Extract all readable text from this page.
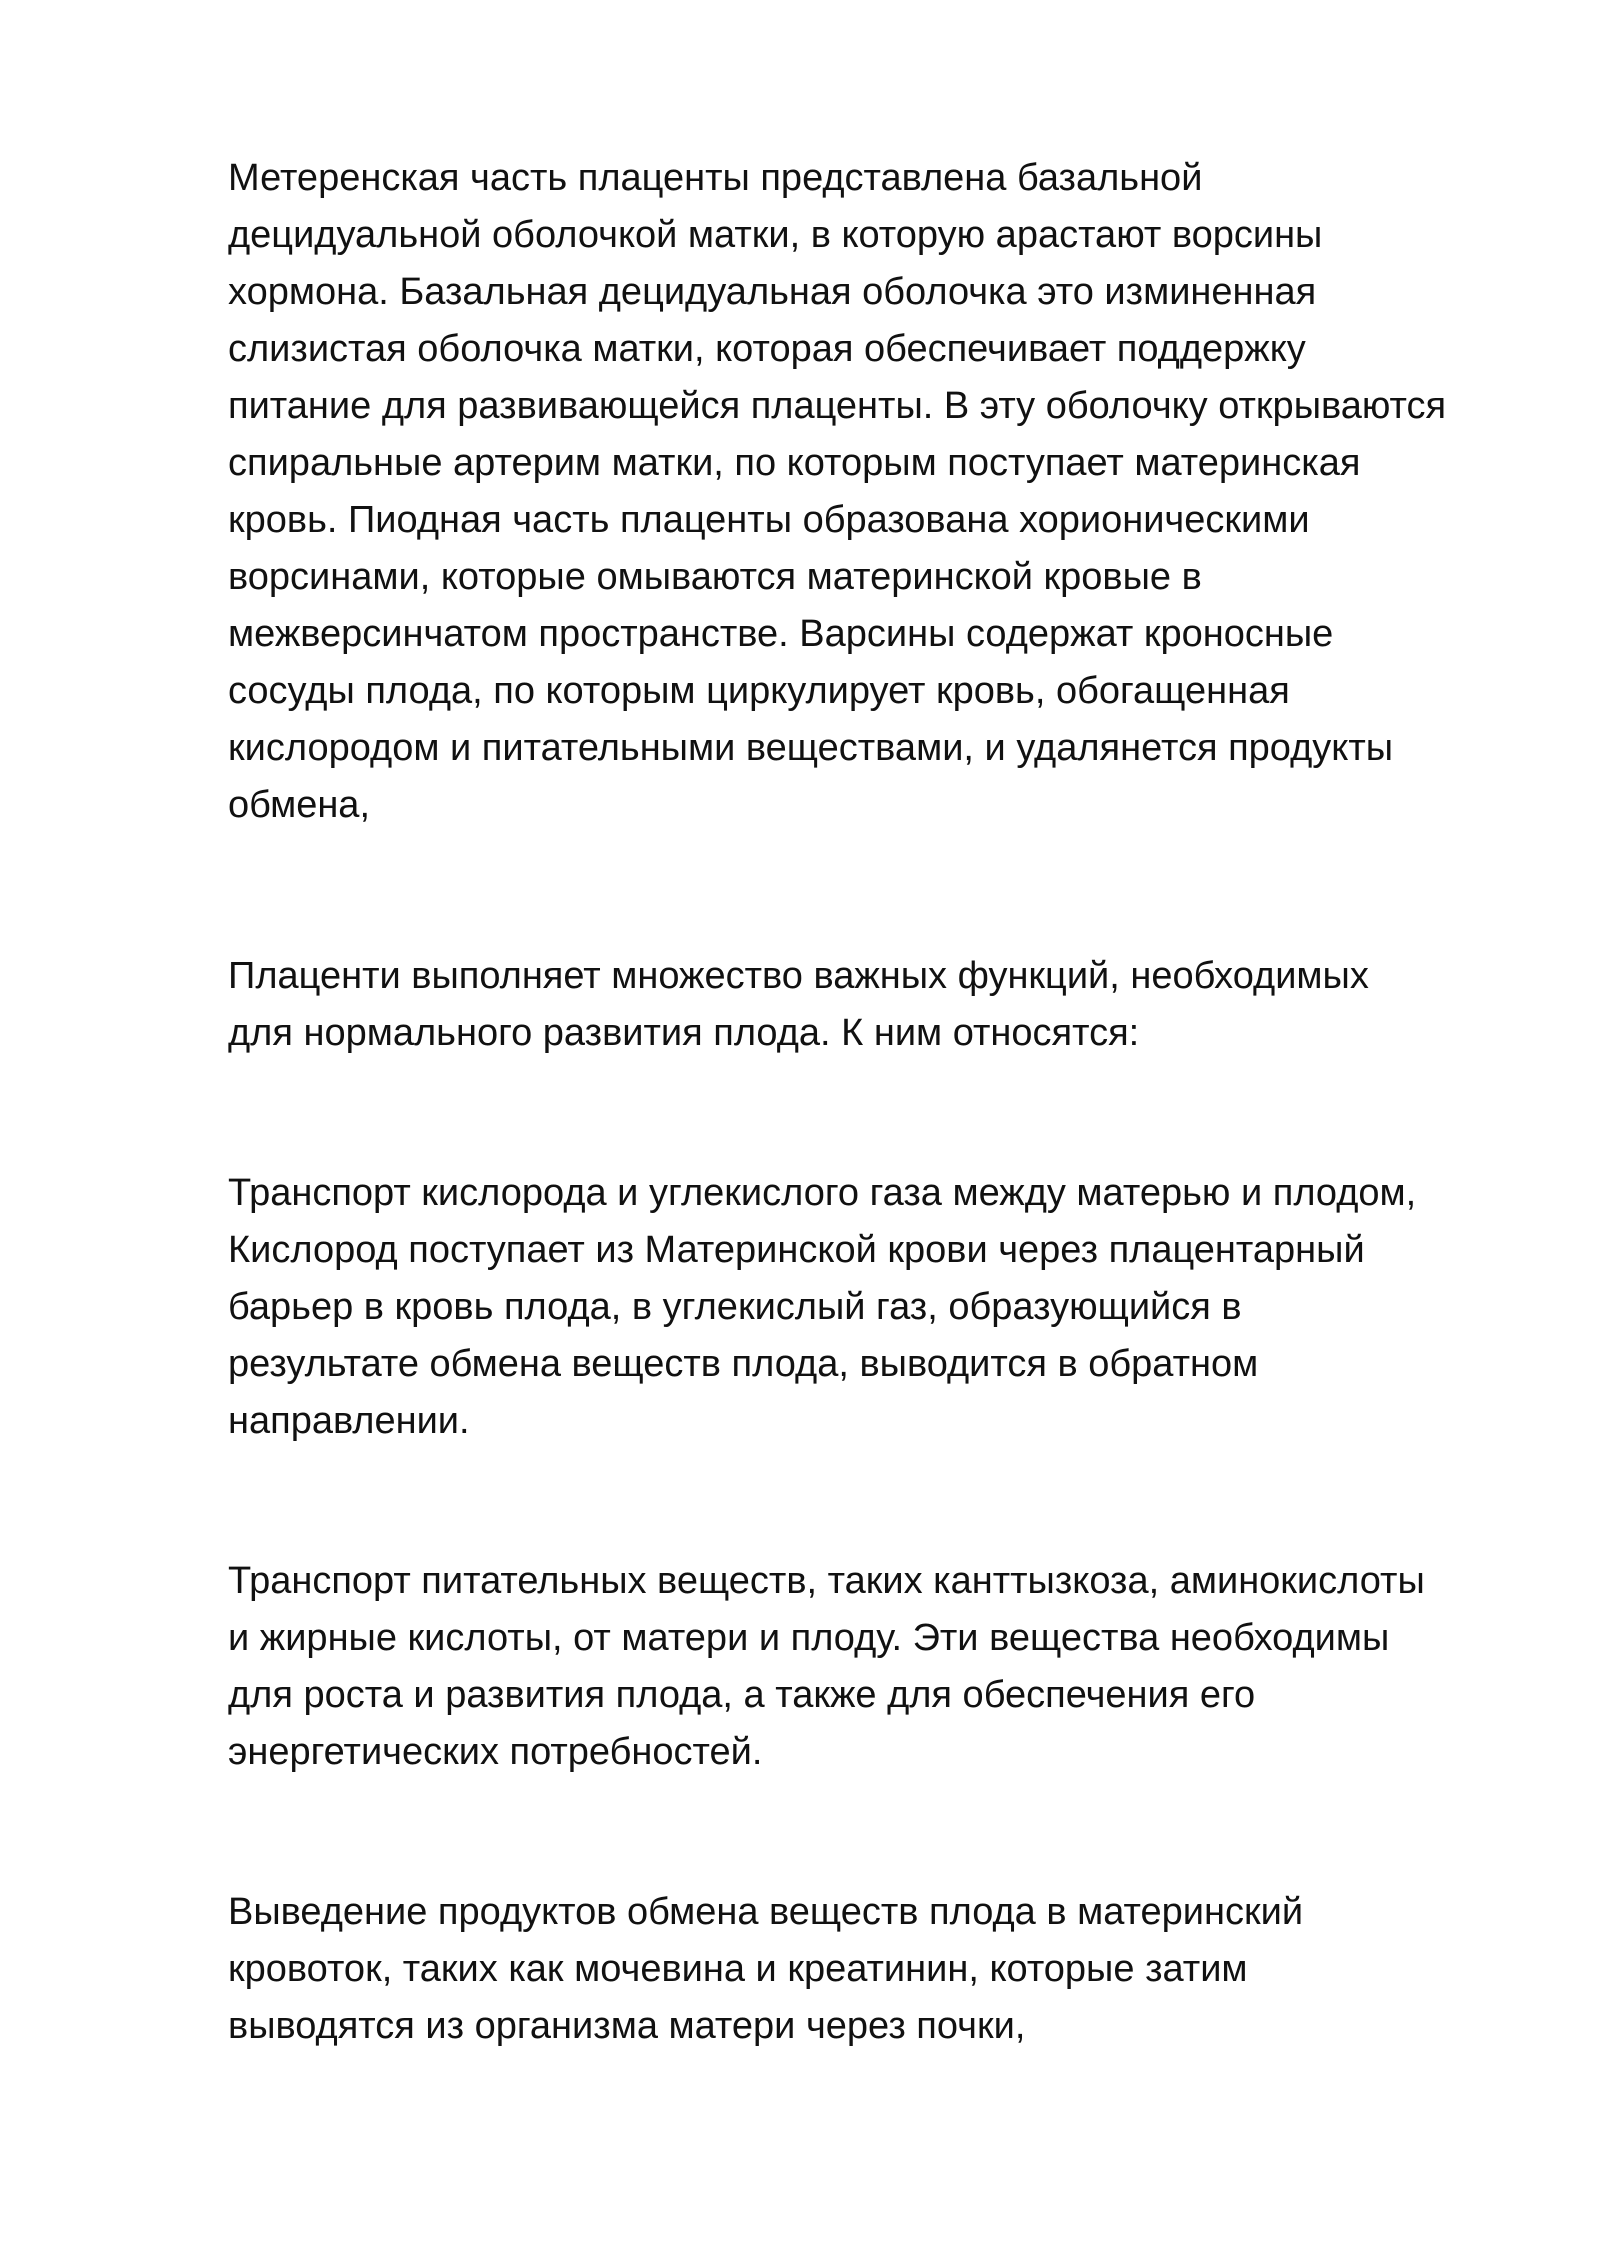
Метеренская часть плаценты представлена базальной
децидуальной оболочкой матки, в которую арастают ворсины
хормона. Базальная децидуальная оболочка это изминенная
слизистая оболочка матки, которая обеспечивает поддержку
питание для развивающейся плаценты. В эту оболочку открываются
спиральные артерим матки, по которым поступает материнская
кровь. Пиодная часть плаценты образована хорионическими
ворсинами, которые омываются материнской кровые в
межверсинчатом пространстве. Варсины содержат кроносные
сосуды плода, по которым циркулирует кровь, обогащенная
кислородом и питательными веществами, и удалянется продукты
обмена,

Плаценти выполняет множество важных функций, необходимых
для нормального развития плода. К ним относятся:

Транспорт кислорода и углекислого газа между матерью и плодом,
Кислород поступает из Материнской крови через плацентарный
барьер в кровь плода, в углекислый газ, образующийся в
результате обмена веществ плода, выводится в обратном
направлении.

Транспорт питательных веществ, таких канттызкоза, аминокислоты
и жирные кислоты, от матери и плоду. Эти вещества необходимы
для роста и развития плода, а также для обеспечения его
энергетических потребностей.

Выведение продуктов обмена веществ плода в материнский
кровоток, таких как мочевина и креатинин, которые затим
выводятся из организма матери через почки,
